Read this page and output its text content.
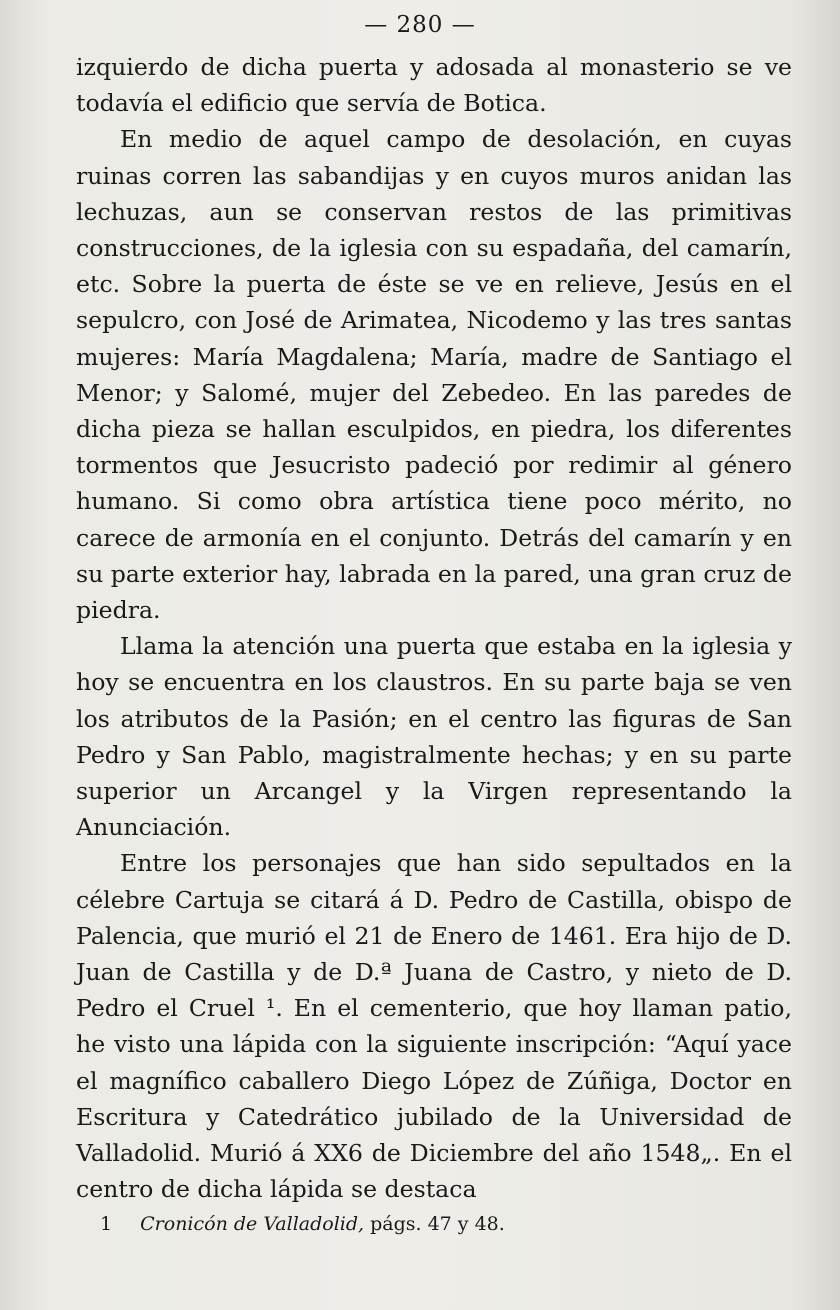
— 280 —

izquierdo de dicha puerta y adosada al monasterio se ve todavía el edificio que servía de Botica.

En medio de aquel campo de desolación, en cuyas ruinas corren las sabandijas y en cuyos muros anidan las lechuzas, aun se conservan restos de las primitivas construcciones, de la iglesia con su espadaña, del camarín, etc. Sobre la puerta de éste se ve en relieve, Jesús en el sepulcro, con José de Arimatea, Nicodemo y las tres santas mujeres: María Magdalena; María, madre de Santiago el Menor; y Salomé, mujer del Zebedeo. En las paredes de dicha pieza se hallan esculpidos, en piedra, los diferentes tormentos que Jesucristo padeció por redimir al género humano. Si como obra artística tiene poco mérito, no carece de armonía en el conjunto. Detrás del camarín y en su parte exterior hay, labrada en la pared, una gran cruz de piedra.

Llama la atención una puerta que estaba en la iglesia y hoy se encuentra en los claustros. En su parte baja se ven los atributos de la Pasión; en el centro las figuras de San Pedro y San Pablo, magistralmente hechas; y en su parte superior un Arcangel y la Virgen representando la Anunciación.

Entre los personajes que han sido sepultados en la célebre Cartuja se citará á D. Pedro de Castilla, obispo de Palencia, que murió el 21 de Enero de 1461. Era hijo de D. Juan de Castilla y de D.ª Juana de Castro, y nieto de D. Pedro el Cruel ¹. En el cementerio, que hoy llaman patio, he visto una lápida con la siguiente inscripción: “Aquí yace el magnífico caballero Diego López de Zúñiga, Doctor en Escritura y Catedrático jubilado de la Universidad de Valladolid. Murió á XX6 de Diciembre del año 1548„. En el centro de dicha lápida se destaca

1 Cronicón de Valladolid, págs. 47 y 48.
